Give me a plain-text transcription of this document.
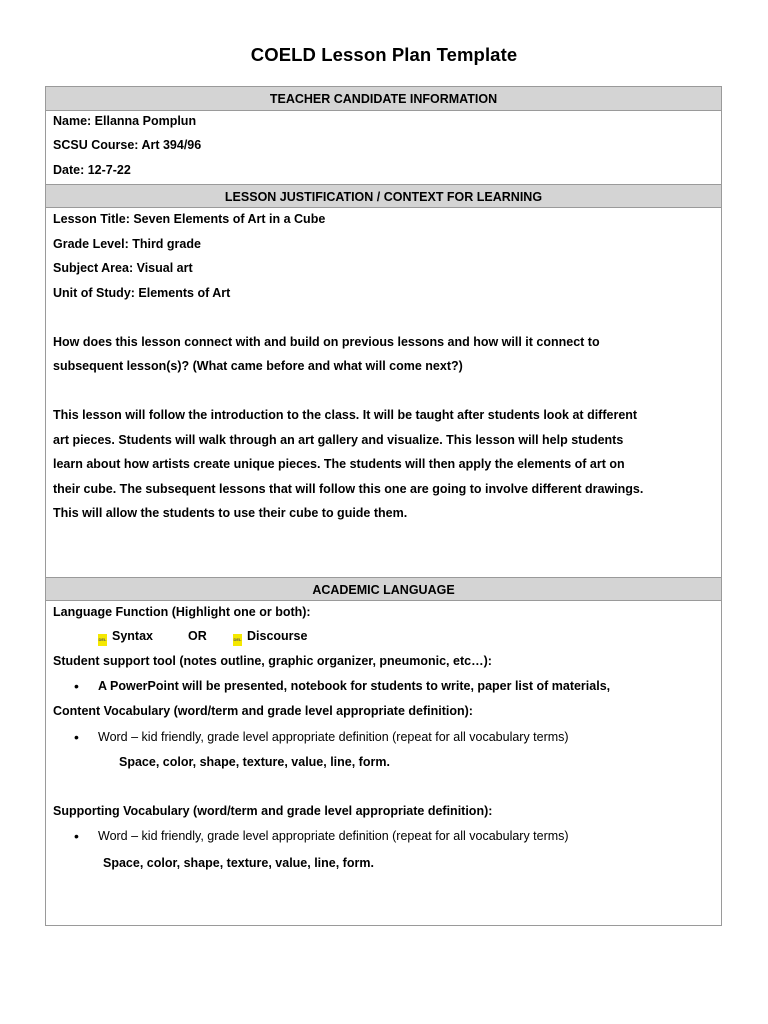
COELD Lesson Plan Template
TEACHER CANDIDATE INFORMATION
Name: Ellanna Pomplun
SCSU Course: Art 394/96
Date: 12-7-22
LESSON JUSTIFICATION / CONTEXT FOR LEARNING
Lesson Title: Seven Elements of Art in a Cube
Grade Level: Third grade
Subject Area: Visual art
Unit of Study: Elements of Art
How does this lesson connect with and build on previous lessons and how will it connect to
subsequent lesson(s)? (What came before and what will come next?)
This lesson will follow the introduction to the class. It will be taught after students look at different
art pieces. Students will walk through an art gallery and visualize. This lesson will help students
learn about how artists create unique pieces. The students will then apply the elements of art on
their cube. The subsequent lessons that will follow this one are going to involve different drawings.
This will allow the students to use their cube to guide them.
ACADEMIC LANGUAGE
Language Function (Highlight one or both):
DEL Syntax	OR	DEL Discourse
Student support tool (notes outline, graphic organizer, pneumonic, etc…):
• A PowerPoint will be presented, notebook for students to write, paper list of materials,
Content Vocabulary (word/term and grade level appropriate definition):
• Word – kid friendly, grade level appropriate definition (repeat for all vocabulary terms)
Space, color, shape, texture, value, line, form.
Supporting Vocabulary (word/term and grade level appropriate definition):
• Word – kid friendly, grade level appropriate definition (repeat for all vocabulary terms)
Space, color, shape, texture, value, line, form.
